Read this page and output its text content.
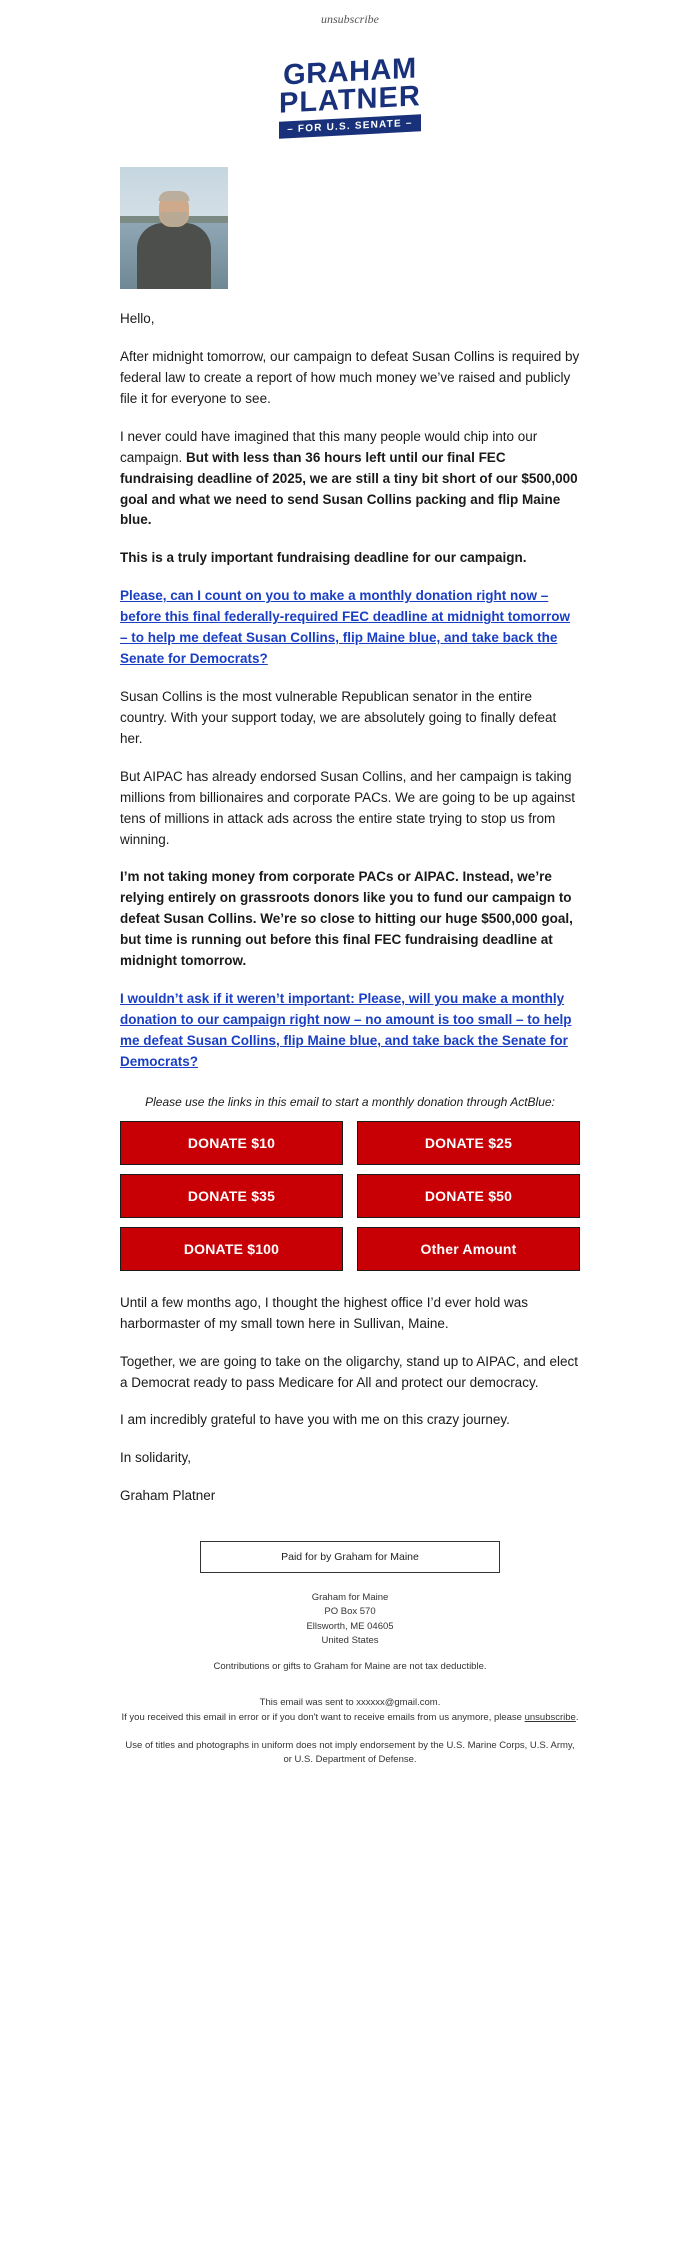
unsubscribe
GRAHAM
PLATNER
– FOR U.S. SENATE –

Hello,

After midnight tomorrow, our campaign to defeat Susan Collins is required by federal law to create a report of how much money we’ve raised and publicly file it for everyone to see.

I never could have imagined that this many people would chip into our campaign. But with less than 36 hours left until our final FEC fundraising deadline of 2025, we are still a tiny bit short of our $500,000 goal and what we need to send Susan Collins packing and flip Maine blue.

This is a truly important fundraising deadline for our campaign.

Please, can I count on you to make a monthly donation right now – before this final federally-required FEC deadline at midnight tomorrow – to help me defeat Susan Collins, flip Maine blue, and take back the Senate for Democrats?

Susan Collins is the most vulnerable Republican senator in the entire country. With your support today, we are absolutely going to finally defeat her.

But AIPAC has already endorsed Susan Collins, and her campaign is taking millions from billionaires and corporate PACs. We are going to be up against tens of millions in attack ads across the entire state trying to stop us from winning.

I’m not taking money from corporate PACs or AIPAC. Instead, we’re relying entirely on grassroots donors like you to fund our campaign to defeat Susan Collins. We’re so close to hitting our huge $500,000 goal, but time is running out before this final FEC fundraising deadline at midnight tomorrow.

I wouldn’t ask if it weren’t important: Please, will you make a monthly donation to our campaign right now – no amount is too small – to help me defeat Susan Collins, flip Maine blue, and take back the Senate for Democrats?
Please use the links in this email to start a monthly donation through ActBlue:
DONATE $10	DONATE $25
DONATE $35	DONATE $50
DONATE $100	Other Amount

Until a few months ago, I thought the highest office I’d ever hold was harbormaster of my small town here in Sullivan, Maine.

Together, we are going to take on the oligarchy, stand up to AIPAC, and elect a Democrat ready to pass Medicare for All and protect our democracy.

I am incredibly grateful to have you with me on this crazy journey.

In solidarity,

Graham Platner

Paid for by Graham for Maine
Graham for Maine
PO Box 570
Ellsworth, ME 04605
United States
Contributions or gifts to Graham for Maine are not tax deductible.
This email was sent to xxxxxx@gmail.com.
If you received this email in error or if you don't want to receive emails from us anymore, please unsubscribe.
Use of titles and photographs in uniform does not imply endorsement by the U.S. Marine Corps, U.S. Army, or U.S. Department of Defense.
